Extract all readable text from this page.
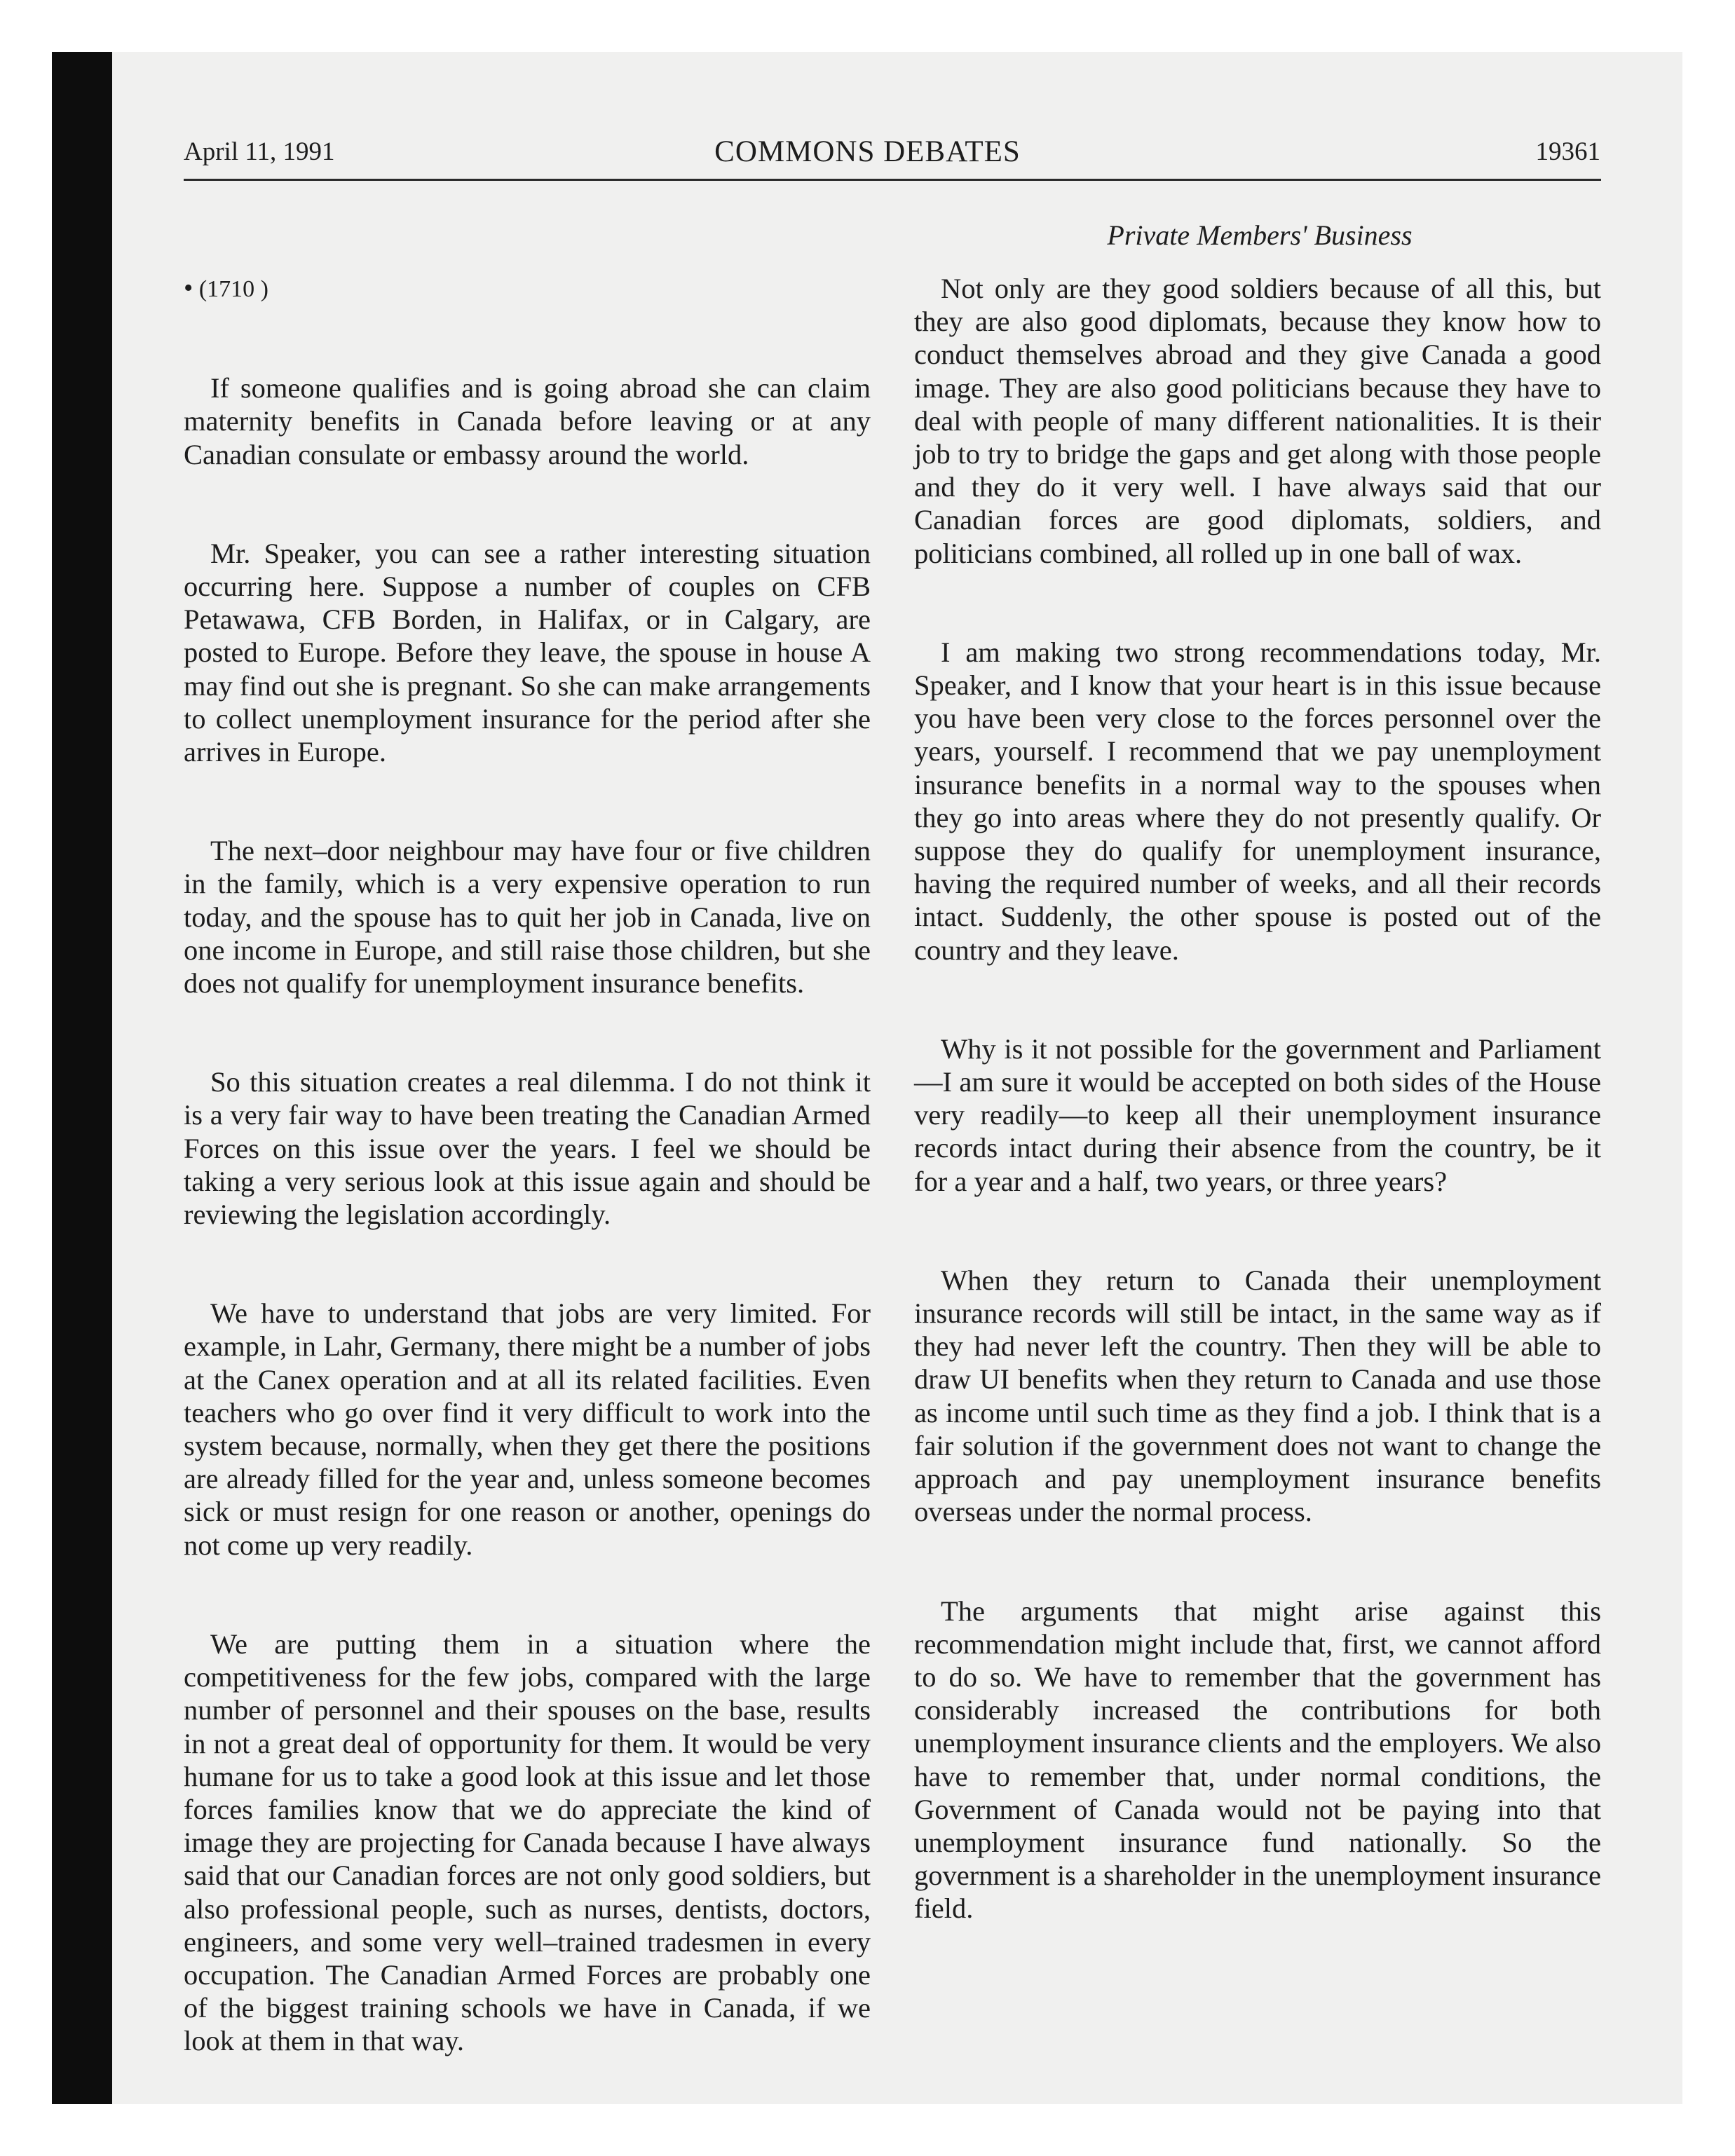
April 11, 1991	COMMONS DEBATES	19361
Private Members' Business
• (1710 )

If someone qualifies and is going abroad she can claim maternity benefits in Canada before leaving or at any Canadian consulate or embassy around the world.

Mr. Speaker, you can see a rather interesting situation occurring here. Suppose a number of couples on CFB Petawawa, CFB Borden, in Halifax, or in Calgary, are posted to Europe. Before they leave, the spouse in house A may find out she is pregnant. So she can make arrangements to collect unemployment insurance for the period after she arrives in Europe.

The next–door neighbour may have four or five children in the family, which is a very expensive operation to run today, and the spouse has to quit her job in Canada, live on one income in Europe, and still raise those children, but she does not qualify for unemployment insurance benefits.

So this situation creates a real dilemma. I do not think it is a very fair way to have been treating the Canadian Armed Forces on this issue over the years. I feel we should be taking a very serious look at this issue again and should be reviewing the legislation accordingly.

We have to understand that jobs are very limited. For example, in Lahr, Germany, there might be a number of jobs at the Canex operation and at all its related facilities. Even teachers who go over find it very difficult to work into the system because, normally, when they get there the positions are already filled for the year and, unless someone becomes sick or must resign for one reason or another, openings do not come up very readily.

We are putting them in a situation where the competitiveness for the few jobs, compared with the large number of personnel and their spouses on the base, results in not a great deal of opportunity for them. It would be very humane for us to take a good look at this issue and let those forces families know that we do appreciate the kind of image they are projecting for Canada because I have always said that our Canadian forces are not only good soldiers, but also professional people, such as nurses, dentists, doctors, engineers, and some very well–trained tradesmen in every occupation. The Canadian Armed Forces are probably one of the biggest training schools we have in Canada, if we look at them in that way.

Not only are they good soldiers because of all this, but they are also good diplomats, because they know how to conduct themselves abroad and they give Canada a good image. They are also good politicians because they have to deal with people of many different nationalities. It is their job to try to bridge the gaps and get along with those people and they do it very well. I have always said that our Canadian forces are good diplomats, soldiers, and politicians combined, all rolled up in one ball of wax.

I am making two strong recommendations today, Mr. Speaker, and I know that your heart is in this issue because you have been very close to the forces personnel over the years, yourself. I recommend that we pay unemployment insurance benefits in a normal way to the spouses when they go into areas where they do not presently qualify. Or suppose they do qualify for unemployment insurance, having the required number of weeks, and all their records intact. Suddenly, the other spouse is posted out of the country and they leave.

Why is it not possible for the government and Parliament—I am sure it would be accepted on both sides of the House very readily—to keep all their unemployment insurance records intact during their absence from the country, be it for a year and a half, two years, or three years?

When they return to Canada their unemployment insurance records will still be intact, in the same way as if they had never left the country. Then they will be able to draw UI benefits when they return to Canada and use those as income until such time as they find a job. I think that is a fair solution if the government does not want to change the approach and pay unemployment insurance benefits overseas under the normal process.

The arguments that might arise against this recommendation might include that, first, we cannot afford to do so. We have to remember that the government has considerably increased the contributions for both unemployment insurance clients and the employers. We also have to remember that, under normal conditions, the Government of Canada would not be paying into that unemployment insurance fund nationally. So the government is a shareholder in the unemployment insurance field.
